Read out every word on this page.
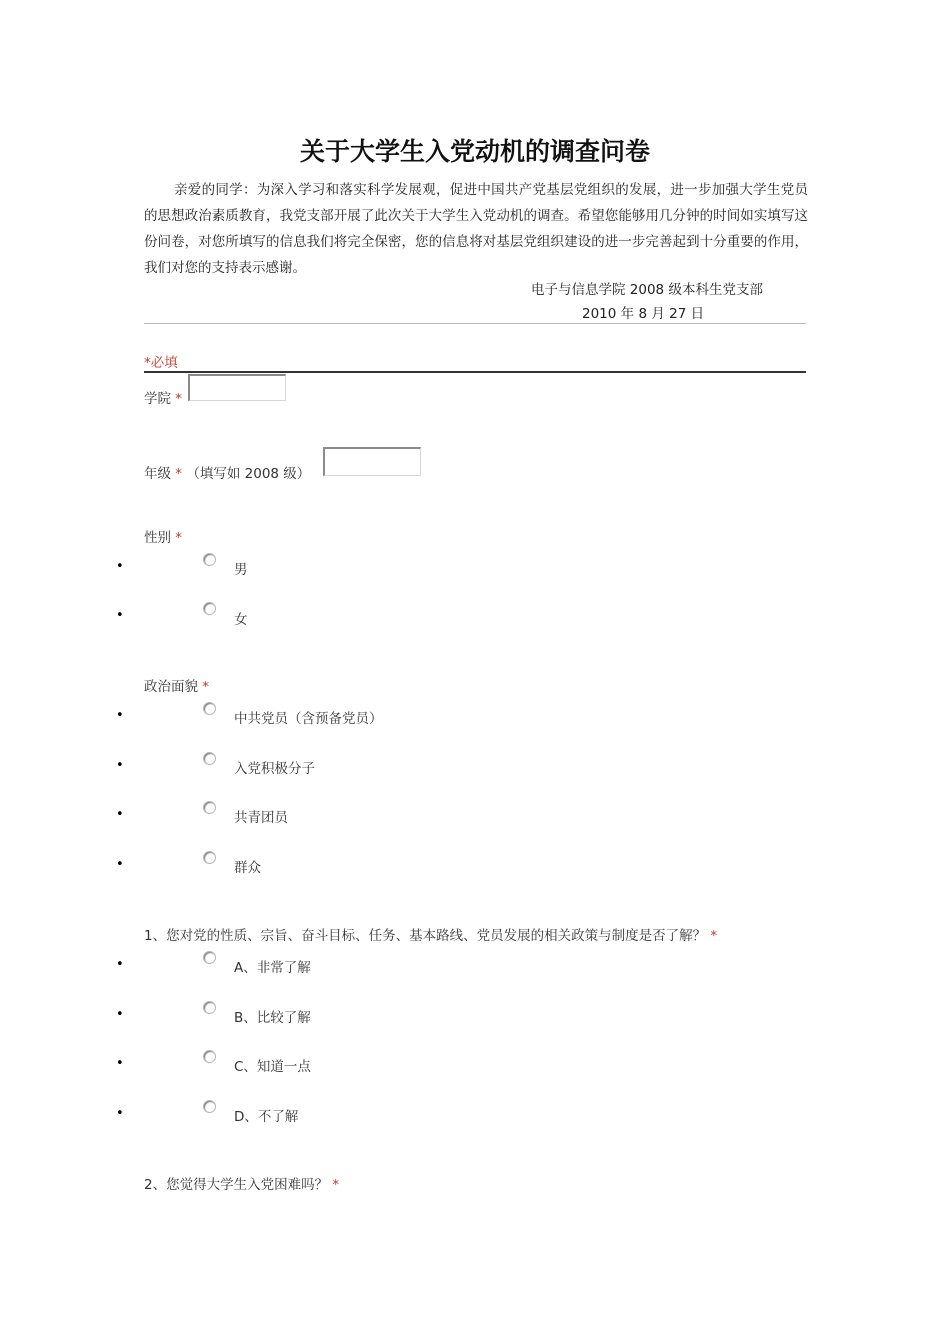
关于大学生入党动机的调查问卷
亲爱的同学：为深入学习和落实科学发展观，促进中国共产党基层党组织的发展，进一步加强大学生党员的思想政治素质教育，我党支部开展了此次关于大学生入党动机的调查。希望您能够用几分钟的时间如实填写这份问卷，对您所填写的信息我们将完全保密，您的信息将对基层党组织建设的进一步完善起到十分重要的作用，我们对您的支持表示感谢。
电子与信息学院 2008 级本科生党支部
2010 年 8 月 27 日
*必填
学院 *
年级 * （填写如 2008 级）
性别 *
•	男
•	女
政治面貌 *
•	中共党员（含预备党员）
•	入党积极分子
•	共青团员
•	群众
1、您对党的性质、宗旨、奋斗目标、任务、基本路线、党员发展的相关政策与制度是否了解？ *
•	A、非常了解
•	B、比较了解
•	C、知道一点
•	D、不了解
2、您觉得大学生入党困难吗？ *
